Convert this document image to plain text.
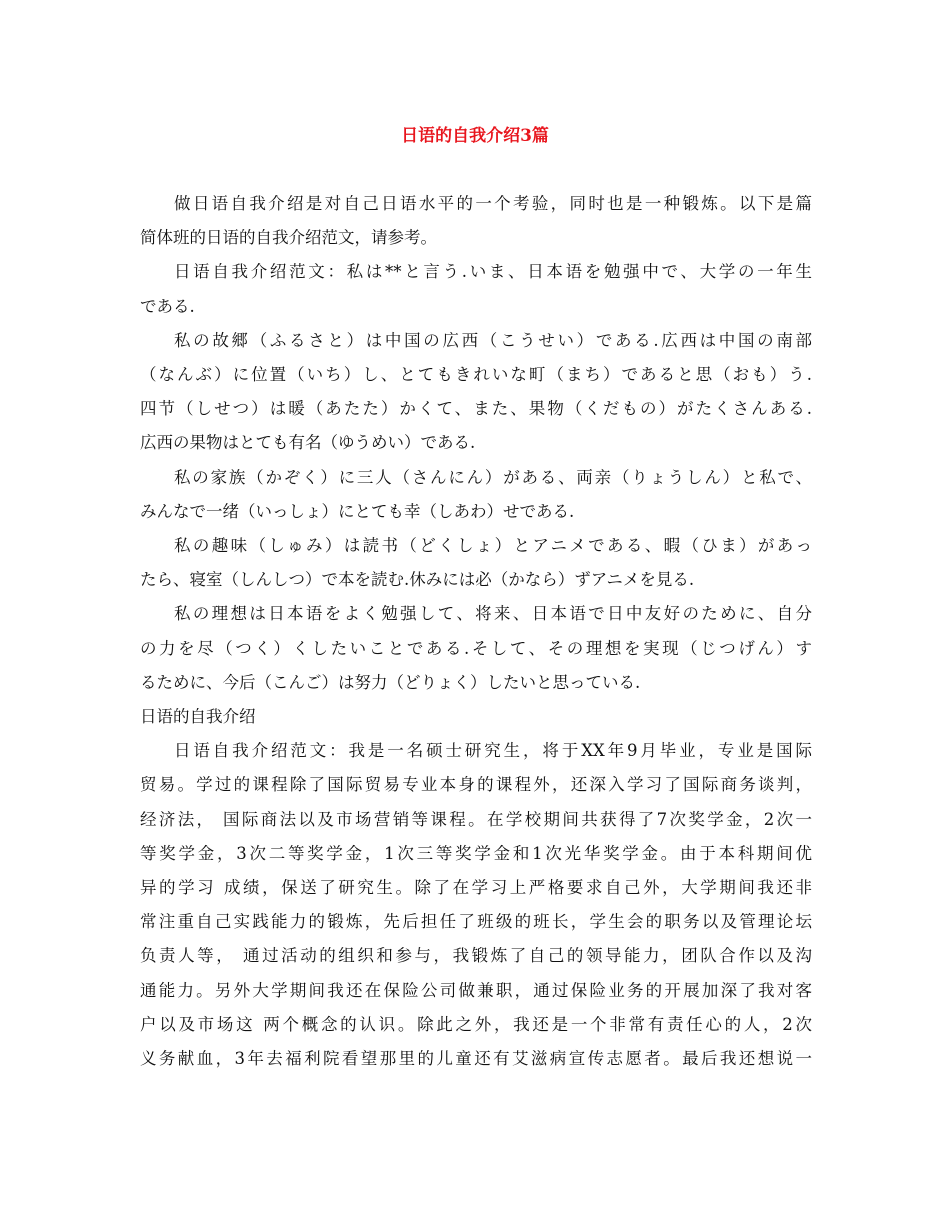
日语的自我介绍3篇
做日语自我介绍是对自己日语水平的一个考验，同时也是一种锻炼。以下是篇
简体班的日语的自我介绍范文，请参考。
日语自我介绍范文：私は**と言う.いま、日本语を勉强中で、大学の一年生
である.
私の故郷（ふるさと）は中国の広西（こうせい）である.広西は中国の南部
（なんぶ）に位置（いち）し、とてもきれいな町（まち）であると思（おも）う.
四节（しせつ）は暖（あたた）かくて、また、果物（くだもの）がたくさんある.
広西の果物はとても有名（ゆうめい）である.
私の家族（かぞく）に三人（さんにん）がある、両亲（りょうしん）と私で、
みんなで一绪（いっしょ）にとても幸（しあわ）せである.
私の趣味（しゅみ）は読书（どくしょ）とアニメである、暇（ひま）があっ
たら、寝室（しんしつ）で本を読む.休みには必（かなら）ずアニメを見る.
私の理想は日本语をよく勉强して、将来、日本语で日中友好のために、自分
の力を尽（つく）くしたいことである.そして、その理想を実现（じつげん）す
るために、今后（こんご）は努力（どりょく）したいと思っている.
日语的自我介绍
日语自我介绍范文：我是一名硕士研究生，将于XX年9月毕业，专业是国际
贸易。学过的课程除了国际贸易专业本身的课程外，还深入学习了国际商务谈判，
经济法， 国际商法以及市场营销等课程。在学校期间共获得了7次奖学金，2次一
等奖学金，3次二等奖学金，1次三等奖学金和1次光华奖学金。由于本科期间优
异的学习 成绩，保送了研究生。除了在学习上严格要求自己外，大学期间我还非
常注重自己实践能力的锻炼，先后担任了班级的班长，学生会的职务以及管理论坛
负责人等， 通过活动的组织和参与，我锻炼了自己的领导能力，团队合作以及沟
通能力。另外大学期间我还在保险公司做兼职，通过保险业务的开展加深了我对客
户以及市场这 两个概念的认识。除此之外，我还是一个非常有责任心的人，2次
义务献血，3年去福利院看望那里的儿童还有艾滋病宣传志愿者。最后我还想说一
